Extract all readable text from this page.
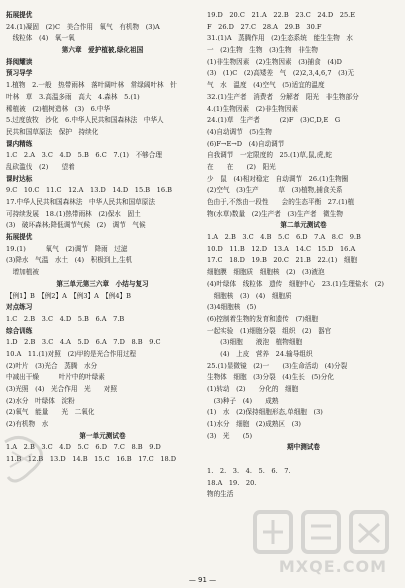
拓展提优
24.(1)凝固　(2)C　美合作用　氧气　有机物　(3)A
　线粒体　(4)　氧一氧
第六章　爱护植被,绿化祖国
择阅耀读
预习导学
1.植物　2.一般　热带雨林　落叶阔叶林　常绿阔叶林　针
叶林　草　3.高温多雨　高大　4.森林　5.(1)
稀植被　(2)植树造林　(3)　6.中华
5.过度放牧　沙化　6.中华人民共和国森林法　中华人
民共和国草原法　保护　持续化
课内精练
1.C　2.A　3.C　4.D　5.B　6.C　7.(1)　不够合理
乱砍滥伐　(2)　　望着
课时达标
9.C　10.C　11.C　12.A　13.D　14.D　15.B　16.B
17.中华人民共和国森林法　中华人民共和国草原法
可持续发展　18.(1)热带雨林　(2)保水　固土
(3)　破坏森林;降低调节气候　(2)　调节　气候
拓展提优
19.(1)　　　氧气　(2)调节　降雨　过滤
(3)降水　气温　水土　(4)　积极到上,生机
　增加植被
第三单元第三六章　小结与复习
【例1】B　【例2】A　【例3】A　【例4】B
对点练习
1.C　2.B　3.C　4.D　5.B　6.A　7.B
综合训练
1.D　2.B　3.C　4.A　5.D　6.A　7.D　8.B　9.C
10.A　11.(1)对照　(2)甲的是光合作用过程
(2)叶片　(3)光合　蒸腾　水分
中减出干燥　　　叶片中的叶绿素
(3)光照　(4)　光合作用　光　　对照
(2)水分　叶绿体　淀粉
(2)氧气　能量　　光　二氧化
(2)有机物　水
第一单元测试卷
1.A　2.B　3.C　4.D　5.C　6.D　7.C　8.B　9.D
11.B　12.B　13.D　14.B　15.C　16.B　17.C　18.D
19.D　20.C　21.A　22.B　23.C　24.D　25.E
F　26.D　27.C　28.A　29.B　30.F
31.(1)A　蒸腾作用　(2)生态系统　能生生物　水
一　(2)生物　生物　(3)生物　非生物
(1)非生物因素　(2)生物因素　(3)捕食　(4)D
(3)　(1)C　(2)高矮差　气　(2)2,3,4,6,7　(3)无
气　水　温度　(4)空气　(5)适宜的温度
32.(1)生产者　消费者　分解者　阳光　非生物部分
4.(1)生物因素　(2)非生物因素
24.(1)草　生产者　　　(2)F　(3)C,D,E　G
(4)自动调节　(5)生物　
(6)F→E→D　(4)自动调节
自我调节　一定限度的　25.(1)草,鼠,虎,蛇
在　　在　　(2)　阳光　　
少　鼠　(4)相对稳定　自动调节　26.(1)生物圈
(2)空气　(3)生产　　　草　(3)植物,捕食关系　　
色由于,不然由一段性　　会的生态平衡　27.(1)植
物(水草)数量　(2)生产者　(3)生产者　微生物
第二单元测试卷
1.A　2.B　3.C　4.B　5.C　6.D　7.A　8.C　9.B
10.D　11.B　12.D　13.A　14.C　15.D　16.A
17.C　18.D　19.B　20.C　21.B　22.(1)　细胞
细胞膜　细胞质　细胞核　(2)　(3)液泡
(4)叶绿体　线粒体　遗传　细胞中心　23.(1)生理盐水　(2)
　细胞核　(3)　(4)　细胞质
(3)4细胞核　(5)
(6)控制着生物的发育和遗传　(7)细胞
一起实验　(1)细胞分裂　组织　(2)　器官
　　(3)细胞　　液泡　植物细胞
　　(4)　上皮　营养　24.输导组织
25.(1)显微镜　(2)一　　(3)生命活动　(4)分裂
生物体　细胞　(3)分裂　(4)生长　(5)分化
(1)转动　(2)　　分化的　细胞
　(3)种子　(4)　　成熟
(1)　水　(2)保持细胞形态,单细胞　(3)
(1)水分　细胞　(2)成熟区　(3)
(3)　光　　(5)　　　　
期中测试卷

1.　2.　3.　4.　5.　6.　7.
18.A　19.　20.
物的生活　

MXQE.COM
— 91 —
